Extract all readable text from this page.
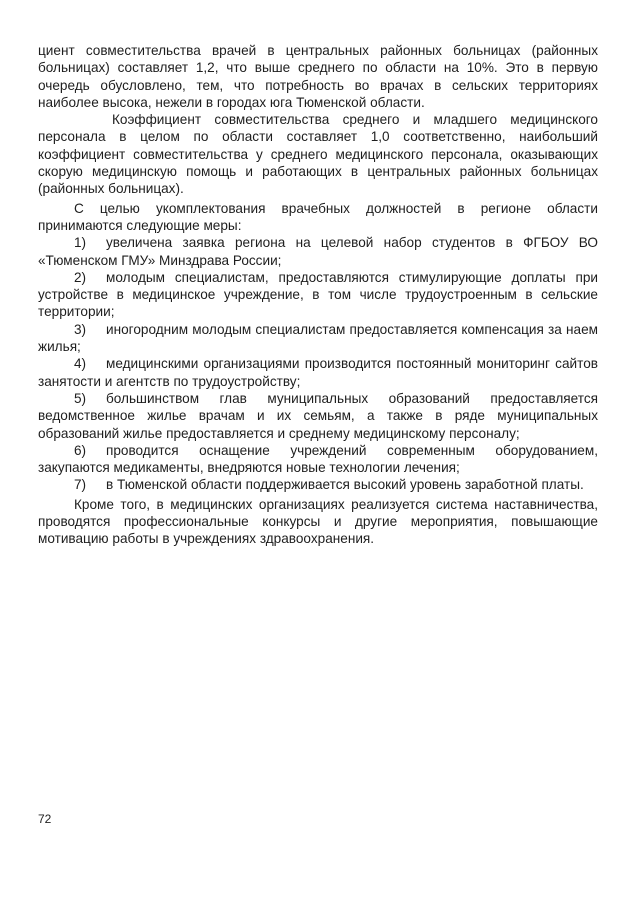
циент совместительства врачей в центральных районных больницах (районных больницах) составляет 1,2, что выше среднего по области на 10%. Это в первую очередь обусловлено, тем, что потребность во врачах в сельских территориях наиболее высока, нежели в городах юга Тюменской области.

Коэффициент совместительства среднего и младшего медицинского персонала в целом по области составляет 1,0 соответственно, наибольший коэффициент совместительства у среднего медицинского персонала, оказывающих скорую медицинскую помощь и работающих в центральных районных больницах (районных больницах).

С целью укомплектования врачебных должностей в регионе области принимаются следующие меры:

1) увеличена заявка региона на целевой набор студентов в ФГБОУ ВО «Тюменском ГМУ» Минздрава России;
2) молодым специалистам, предоставляются стимулирующие доплаты при устройстве в медицинское учреждение, в том числе трудоустроенным в сельские территории;
3) иногородним молодым специалистам предоставляется компенсация за наем жилья;
4) медицинскими организациями производится постоянный мониторинг сайтов занятости и агентств по трудоустройству;
5) большинством глав муниципальных образований предоставляется ведомственное жилье врачам и их семьям, а также в ряде муниципальных образований жилье предоставляется и среднему медицинскому персоналу;
6) проводится оснащение учреждений современным оборудованием, закупаются медикаменты, внедряются новые технологии лечения;
7) в Тюменской области поддерживается высокий уровень заработной платы.

Кроме того, в медицинских организациях реализуется система наставничества, проводятся профессиональные конкурсы и другие мероприятия, повышающие мотивацию работы в учреждениях здравоохранения.

72
